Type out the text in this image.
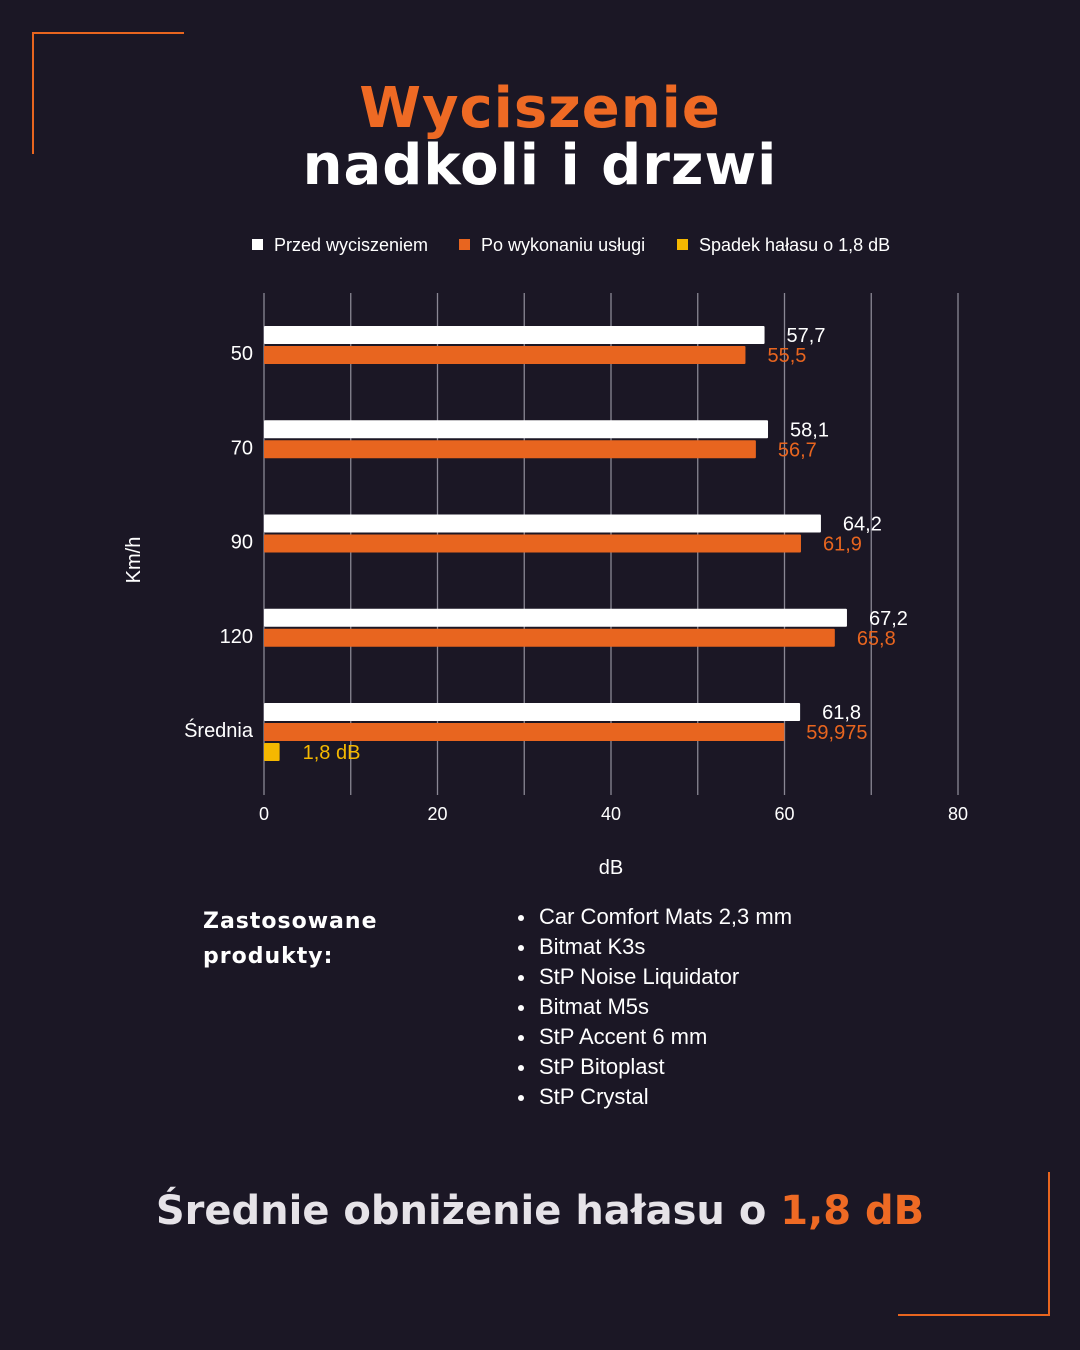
Wyciszenie
nadkoli i drzwi
0	20	40	60	80
dB
Km/h
Przed wyciszeniem	Po wykonaniu usługi	Spadek hałasu o 1,8 dB
50
57,7
55,5
70
58,1
56,7
90
64,2
61,9
120
67,2
65,8
Średnia
61,8
59,975
1,8 dB
Zastosowane
produkty:
Car Comfort Mats 2,3 mm
Bitmat K3s
StP Noise Liquidator
Bitmat M5s
StP Accent 6 mm
StP Bitoplast
StP Crystal
Średnie obniżenie hałasu o 1,8 dB
